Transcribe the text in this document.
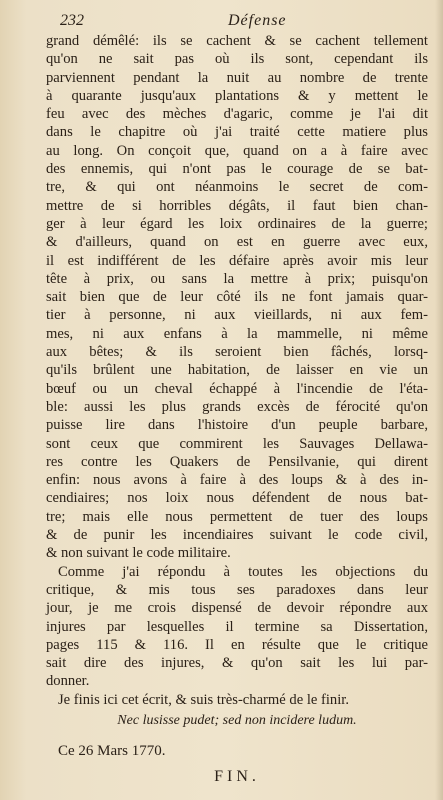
232	Défense
grand démêlé: ils se cachent & se cachent tellement
qu'on ne sait pas où ils sont, cependant ils
parviennent pendant la nuit au nombre de trente
à quarante jusqu'aux plantations & y mettent le
feu avec des mèches d'agaric, comme je l'ai dit
dans le chapitre où j'ai traité cette matiere plus
au long. On conçoit que, quand on a à faire avec
des ennemis, qui n'ont pas le courage de se bat-
tre, & qui ont néanmoins le secret de com-
mettre de si horribles dégâts, il faut bien chan-
ger à leur égard les loix ordinaires de la guerre;
& d'ailleurs, quand on est en guerre avec eux,
il est indifférent de les défaire après avoir mis leur
tête à prix, ou sans la mettre à prix; puisqu'on
sait bien que de leur côté ils ne font jamais quar-
tier à personne, ni aux vieillards, ni aux fem-
mes, ni aux enfans à la mammelle, ni même
aux bêtes; & ils seroient bien fâchés, lorsq-
qu'ils brûlent une habitation, de laisser en vie un
bœuf ou un cheval échappé à l'incendie de l'éta-
ble: aussi les plus grands excès de férocité qu'on
puisse lire dans l'histoire d'un peuple barbare,
sont ceux que commirent les Sauvages Dellawa-
res contre les Quakers de Pensilvanie, qui dirent
enfin: nous avons à faire à des loups & à des in-
cendiaires; nos loix nous défendent de nous bat-
tre; mais elle nous permettent de tuer des loups
& de punir les incendiaires suivant le code civil,
& non suivant le code militaire.
Comme j'ai répondu à toutes les objections du
critique, & mis tous ses paradoxes dans leur
jour, je me crois dispensé de devoir répondre aux
injures par lesquelles il termine sa Dissertation,
pages 115 & 116. Il en résulte que le critique
sait dire des injures, & qu'on sait les lui par-
donner.
Je finis ici cet écrit, & suis très-charmé de le finir.
Nec lusisse pudet; sed non incidere ludum.
Ce 26 Mars 1770.
FIN.
